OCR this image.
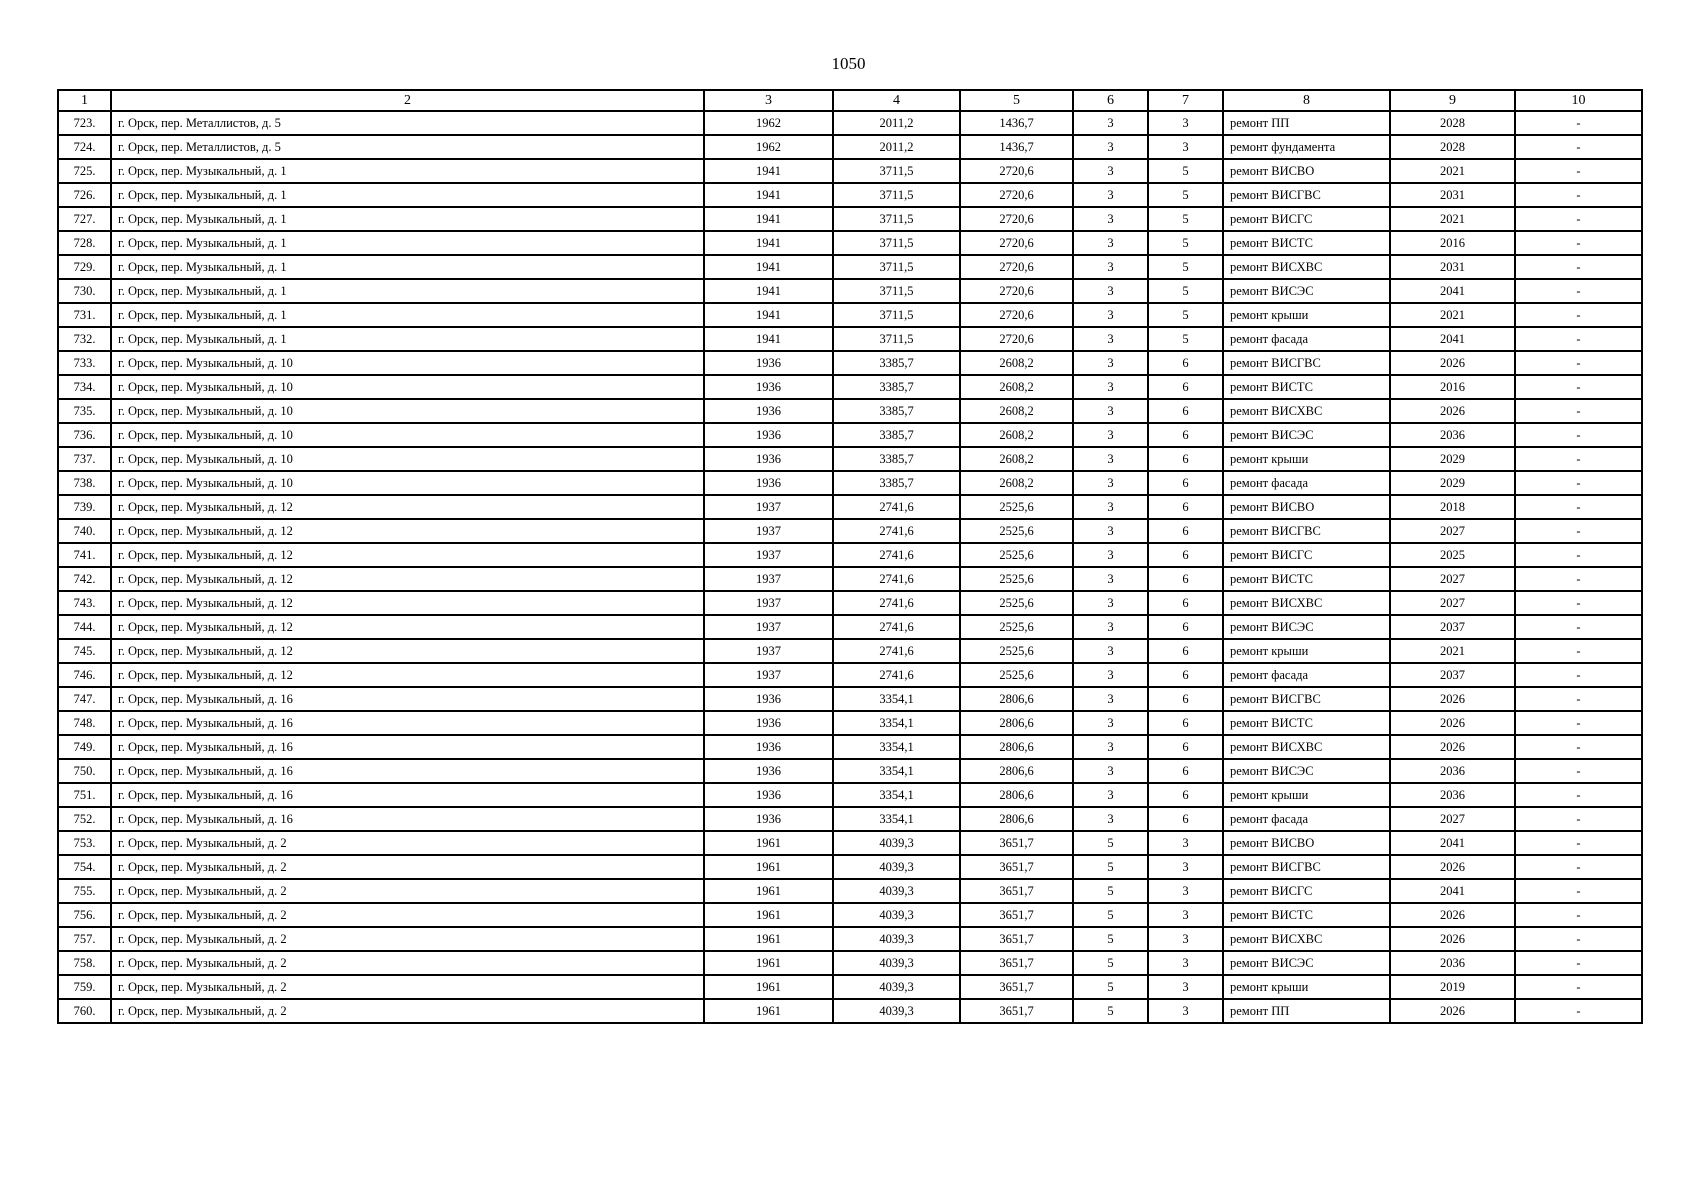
1050
1	2	3	4	5	6	7	8	9	10
723.	г. Орск, пер. Металлистов, д. 5	1962	2011,2	1436,7	3	3	ремонт ПП	2028	-
724.	г. Орск, пер. Металлистов, д. 5	1962	2011,2	1436,7	3	3	ремонт фундамента	2028	-
725.	г. Орск, пер. Музыкальный, д. 1	1941	3711,5	2720,6	3	5	ремонт ВИСВО	2021	-
726.	г. Орск, пер. Музыкальный, д. 1	1941	3711,5	2720,6	3	5	ремонт ВИСГВС	2031	-
727.	г. Орск, пер. Музыкальный, д. 1	1941	3711,5	2720,6	3	5	ремонт ВИСГС	2021	-
728.	г. Орск, пер. Музыкальный, д. 1	1941	3711,5	2720,6	3	5	ремонт ВИСТС	2016	-
729.	г. Орск, пер. Музыкальный, д. 1	1941	3711,5	2720,6	3	5	ремонт ВИСХВС	2031	-
730.	г. Орск, пер. Музыкальный, д. 1	1941	3711,5	2720,6	3	5	ремонт ВИСЭС	2041	-
731.	г. Орск, пер. Музыкальный, д. 1	1941	3711,5	2720,6	3	5	ремонт крыши	2021	-
732.	г. Орск, пер. Музыкальный, д. 1	1941	3711,5	2720,6	3	5	ремонт фасада	2041	-
733.	г. Орск, пер. Музыкальный, д. 10	1936	3385,7	2608,2	3	6	ремонт ВИСГВС	2026	-
734.	г. Орск, пер. Музыкальный, д. 10	1936	3385,7	2608,2	3	6	ремонт ВИСТС	2016	-
735.	г. Орск, пер. Музыкальный, д. 10	1936	3385,7	2608,2	3	6	ремонт ВИСХВС	2026	-
736.	г. Орск, пер. Музыкальный, д. 10	1936	3385,7	2608,2	3	6	ремонт ВИСЭС	2036	-
737.	г. Орск, пер. Музыкальный, д. 10	1936	3385,7	2608,2	3	6	ремонт крыши	2029	-
738.	г. Орск, пер. Музыкальный, д. 10	1936	3385,7	2608,2	3	6	ремонт фасада	2029	-
739.	г. Орск, пер. Музыкальный, д. 12	1937	2741,6	2525,6	3	6	ремонт ВИСВО	2018	-
740.	г. Орск, пер. Музыкальный, д. 12	1937	2741,6	2525,6	3	6	ремонт ВИСГВС	2027	-
741.	г. Орск, пер. Музыкальный, д. 12	1937	2741,6	2525,6	3	6	ремонт ВИСГС	2025	-
742.	г. Орск, пер. Музыкальный, д. 12	1937	2741,6	2525,6	3	6	ремонт ВИСТС	2027	-
743.	г. Орск, пер. Музыкальный, д. 12	1937	2741,6	2525,6	3	6	ремонт ВИСХВС	2027	-
744.	г. Орск, пер. Музыкальный, д. 12	1937	2741,6	2525,6	3	6	ремонт ВИСЭС	2037	-
745.	г. Орск, пер. Музыкальный, д. 12	1937	2741,6	2525,6	3	6	ремонт крыши	2021	-
746.	г. Орск, пер. Музыкальный, д. 12	1937	2741,6	2525,6	3	6	ремонт фасада	2037	-
747.	г. Орск, пер. Музыкальный, д. 16	1936	3354,1	2806,6	3	6	ремонт ВИСГВС	2026	-
748.	г. Орск, пер. Музыкальный, д. 16	1936	3354,1	2806,6	3	6	ремонт ВИСТС	2026	-
749.	г. Орск, пер. Музыкальный, д. 16	1936	3354,1	2806,6	3	6	ремонт ВИСХВС	2026	-
750.	г. Орск, пер. Музыкальный, д. 16	1936	3354,1	2806,6	3	6	ремонт ВИСЭС	2036	-
751.	г. Орск, пер. Музыкальный, д. 16	1936	3354,1	2806,6	3	6	ремонт крыши	2036	-
752.	г. Орск, пер. Музыкальный, д. 16	1936	3354,1	2806,6	3	6	ремонт фасада	2027	-
753.	г. Орск, пер. Музыкальный, д. 2	1961	4039,3	3651,7	5	3	ремонт ВИСВО	2041	-
754.	г. Орск, пер. Музыкальный, д. 2	1961	4039,3	3651,7	5	3	ремонт ВИСГВС	2026	-
755.	г. Орск, пер. Музыкальный, д. 2	1961	4039,3	3651,7	5	3	ремонт ВИСГС	2041	-
756.	г. Орск, пер. Музыкальный, д. 2	1961	4039,3	3651,7	5	3	ремонт ВИСТС	2026	-
757.	г. Орск, пер. Музыкальный, д. 2	1961	4039,3	3651,7	5	3	ремонт ВИСХВС	2026	-
758.	г. Орск, пер. Музыкальный, д. 2	1961	4039,3	3651,7	5	3	ремонт ВИСЭС	2036	-
759.	г. Орск, пер. Музыкальный, д. 2	1961	4039,3	3651,7	5	3	ремонт крыши	2019	-
760.	г. Орск, пер. Музыкальный, д. 2	1961	4039,3	3651,7	5	3	ремонт ПП	2026	-
